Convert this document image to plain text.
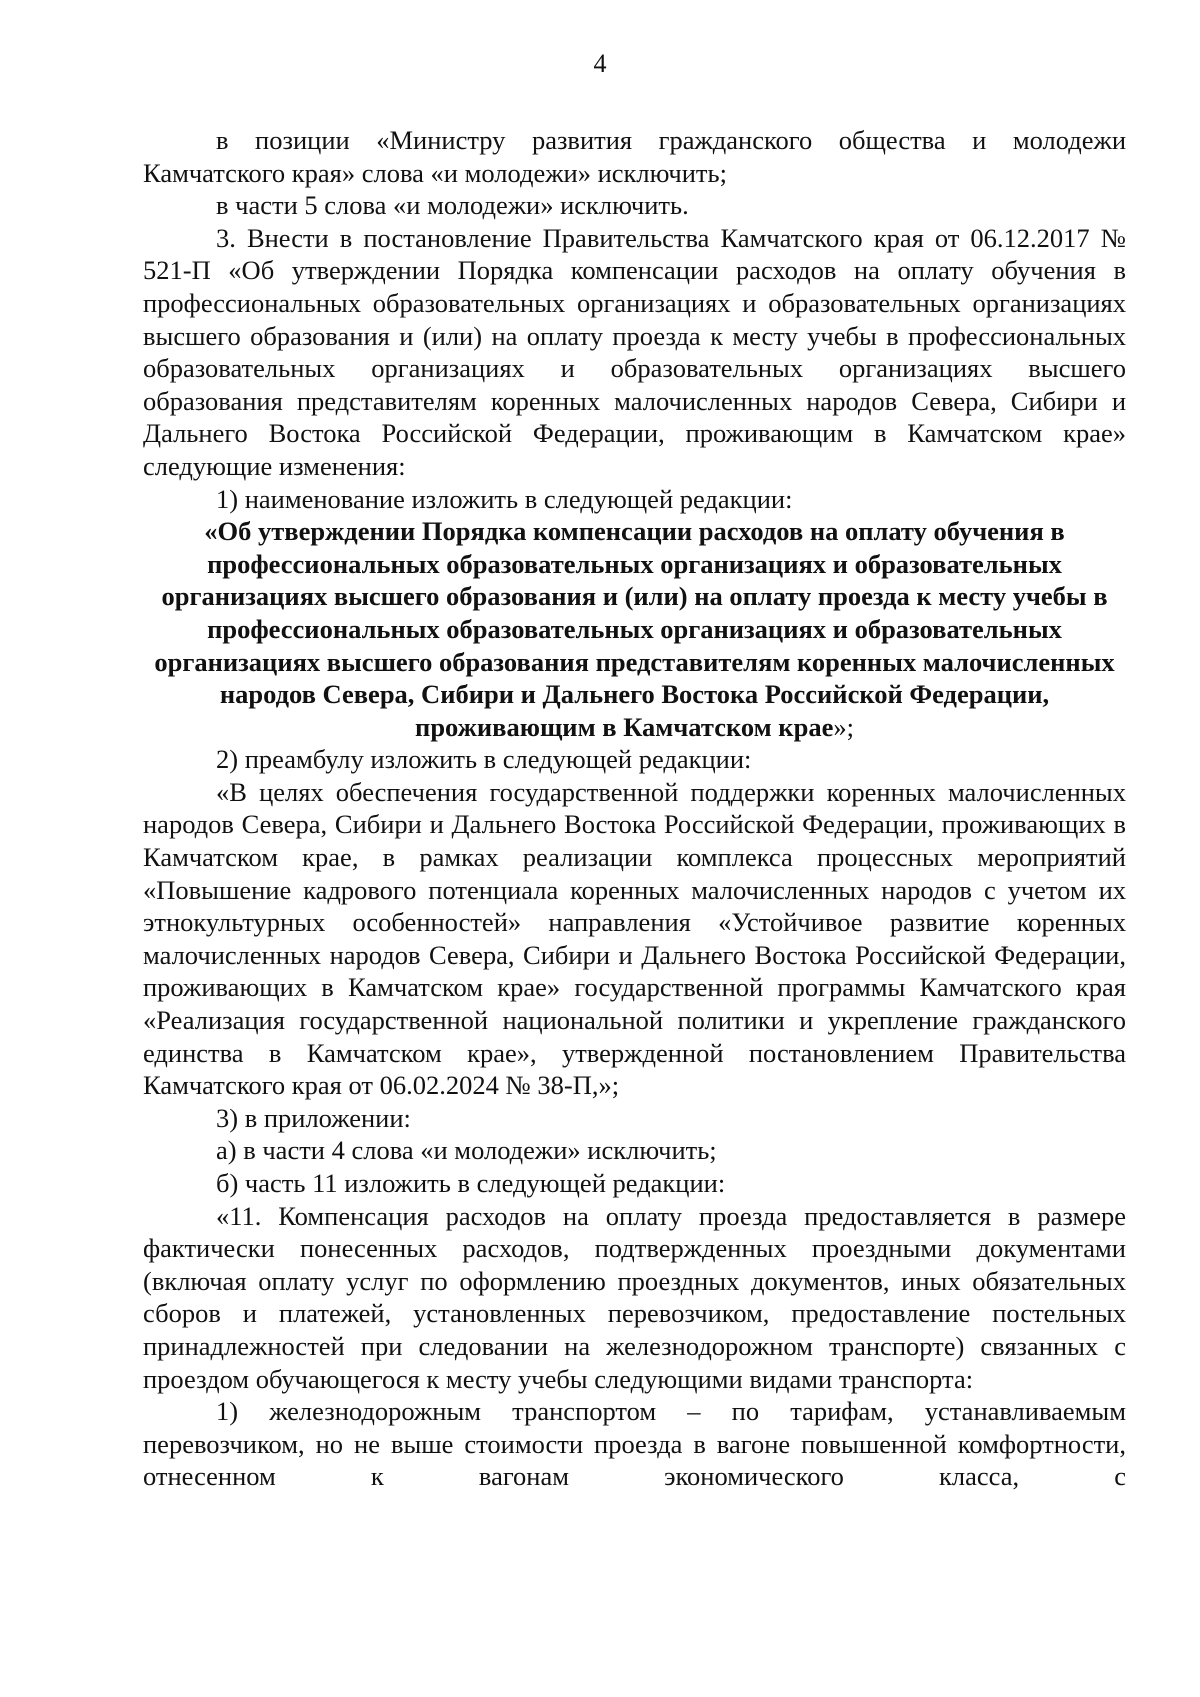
4

в позиции «Министру развития гражданского общества и молодежи Камчатского края» слова «и молодежи» исключить;

в части 5 слова «и молодежи» исключить.

3. Внести в постановление Правительства Камчатского края от 06.12.2017 № 521-П «Об утверждении Порядка компенсации расходов на оплату обучения в профессиональных образовательных организациях и образовательных организациях высшего образования и (или) на оплату проезда к месту учебы в профессиональных образовательных организациях и образовательных организациях высшего образования представителям коренных малочисленных народов Севера, Сибири и Дальнего Востока Российской Федерации, проживающим в Камчатском крае» следующие изменения:

1) наименование изложить в следующей редакции:

«Об утверждении Порядка компенсации расходов на оплату обучения в профессиональных образовательных организациях и образовательных организациях высшего образования и (или) на оплату проезда к месту учебы в профессиональных образовательных организациях и образовательных организациях высшего образования представителям коренных малочисленных народов Севера, Сибири и Дальнего Востока Российской Федерации, проживающим в Камчатском крае»;

2) преамбулу изложить в следующей редакции:

«В целях обеспечения государственной поддержки коренных малочисленных народов Севера, Сибири и Дальнего Востока Российской Федерации, проживающих в Камчатском крае, в рамках реализации комплекса процессных мероприятий «Повышение кадрового потенциала коренных малочисленных народов с учетом их этнокультурных особенностей» направления «Устойчивое развитие коренных малочисленных народов Севера, Сибири и Дальнего Востока Российской Федерации, проживающих в Камчатском крае» государственной программы Камчатского края «Реализация государственной национальной политики и укрепление гражданского единства в Камчатском крае», утвержденной постановлением Правительства Камчатского края от 06.02.2024 № 38-П,»;

3) в приложении:

а) в части 4 слова «и молодежи» исключить;

б) часть 11 изложить в следующей редакции:

«11. Компенсация расходов на оплату проезда предоставляется в размере фактически понесенных расходов, подтвержденных проездными документами (включая оплату услуг по оформлению проездных документов, иных обязательных сборов и платежей, установленных перевозчиком, предоставление постельных принадлежностей при следовании на железнодорожном транспорте) связанных с проездом обучающегося к месту учебы следующими видами транспорта:

1) железнодорожным транспортом – по тарифам, устанавливаемым перевозчиком, но не выше стоимости проезда в вагоне повышенной комфортности, отнесенном к вагонам экономического класса, с
